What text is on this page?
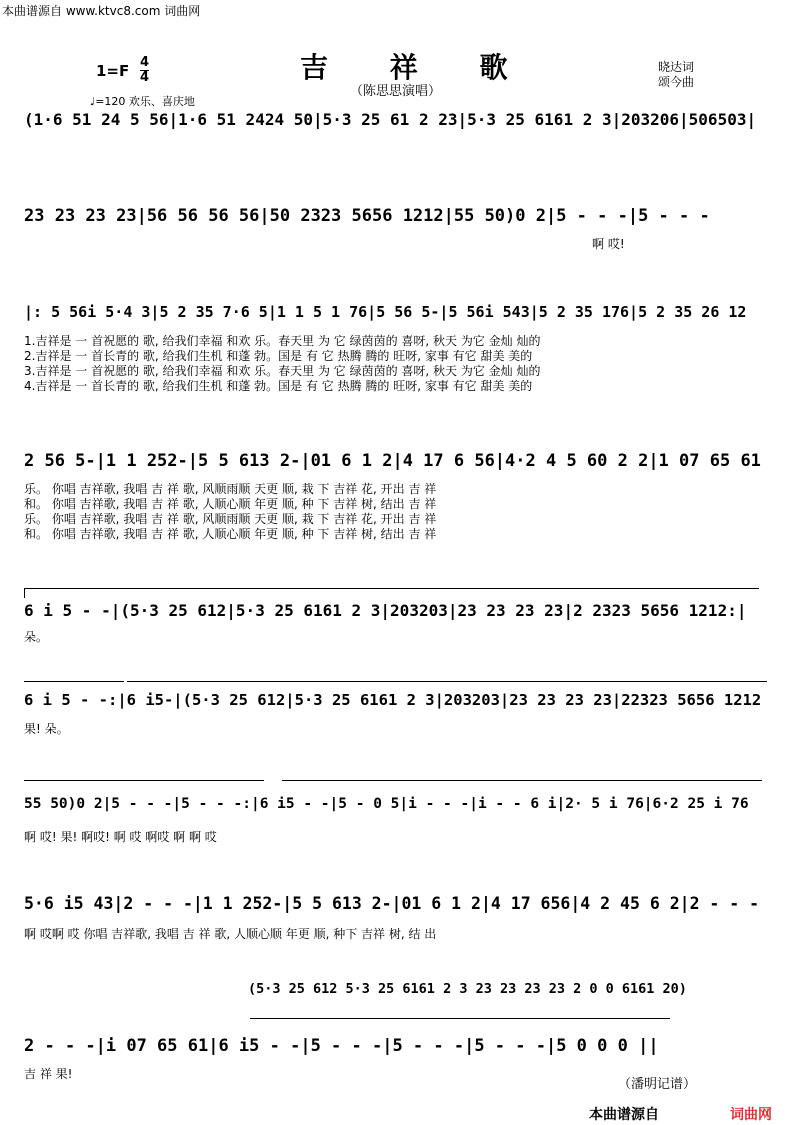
本曲谱源自 www.ktvc8.com 词曲网
吉 祥 歌
（陈思思演唱）
1=F 4
4
♩=120 欢乐、喜庆地
晓达词
颂今曲
(1·6 51 24 5 56|1·6 51 2424 50|5·3 25 61 2 23|5·3 25 6161 2 3|203206|506503|
23 23 23 23|56 56 56 56|50 2323 5656 1212|55 50)0 2|5 - - -|5 - - -
|: 5 56i 5·4 3|5 2 35 7·6 5|1 1 5 1 76|5 56 5-|5 56i 543|5 2 35 176|5 2 35 26 12
2 56 5-|1 1 252-|5 5 613 2-|01 6 1 2|4 17 6 56|4·2 4 5 60 2 2|1 07 65 61
6 i 5 - -|(5·3 25 612|5·3 25 6161 2 3|203203|23 23 23 23|2 2323 5656 1212:|
6 i 5 - -:|6 i5-|(5·3 25 612|5·3 25 6161 2 3|203203|23 23 23 23|22323 5656 1212
55 50)0 2|5 - - -|5 - - -:|6 i5 - -|5 - 0 5|i - - -|i - - 6 i|2· 5 i 76|6·2 25 i 76
5·6 i5 43|2 - - -|1 1 252-|5 5 613 2-|01 6 1 2|4 17 656|4 2 45 6 2|2 - - -
(5·3 25 612 5·3 25 6161 2 3 23 23 23 23 2 0 0 6161 20)
2 - - -|i 07 65 61|6 i5 - -|5 - - -|5 - - -|5 - - -|5 0 0 0 ||
1.吉祥是 一 首祝愿的 歌, 给我们幸福 和欢 乐。春天里 为 它 绿茵茵的 喜呀, 秋天 为它 金灿 灿的
2.吉祥是 一 首长青的 歌, 给我们生机 和蓬 勃。国是 有 它 热腾 腾的 旺呀, 家事 有它 甜美 美的
3.吉祥是 一 首祝愿的 歌, 给我们幸福 和欢 乐。春天里 为 它 绿茵茵的 喜呀, 秋天 为它 金灿 灿的
4.吉祥是 一 首长青的 歌, 给我们生机 和蓬 勃。国是 有 它 热腾 腾的 旺呀, 家事 有它 甜美 美的
乐。 你唱 吉祥歌, 我唱 吉 祥 歌, 风顺雨顺 天更 顺, 栽 下 吉祥 花, 开出 吉 祥
和。 你唱 吉祥歌, 我唱 吉 祥 歌, 人顺心顺 年更 顺, 种 下 吉祥 树, 结出 吉 祥
乐。 你唱 吉祥歌, 我唱 吉 祥 歌, 风顺雨顺 天更 顺, 栽 下 吉祥 花, 开出 吉 祥
和。 你唱 吉祥歌, 我唱 吉 祥 歌, 人顺心顺 年更 顺, 种 下 吉祥 树, 结出 吉 祥
朵。
果! 朵。
啊 哎! 果! 啊哎! 啊 哎 啊哎 啊 啊 哎
啊 哎啊 哎 你唱 吉祥歌, 我唱 吉 祥 歌, 人顺心顺 年更 顺, 种下 吉祥 树, 结 出
吉 祥 果!
啊 哎!
（潘明记谱）
本曲谱源自	词曲网
